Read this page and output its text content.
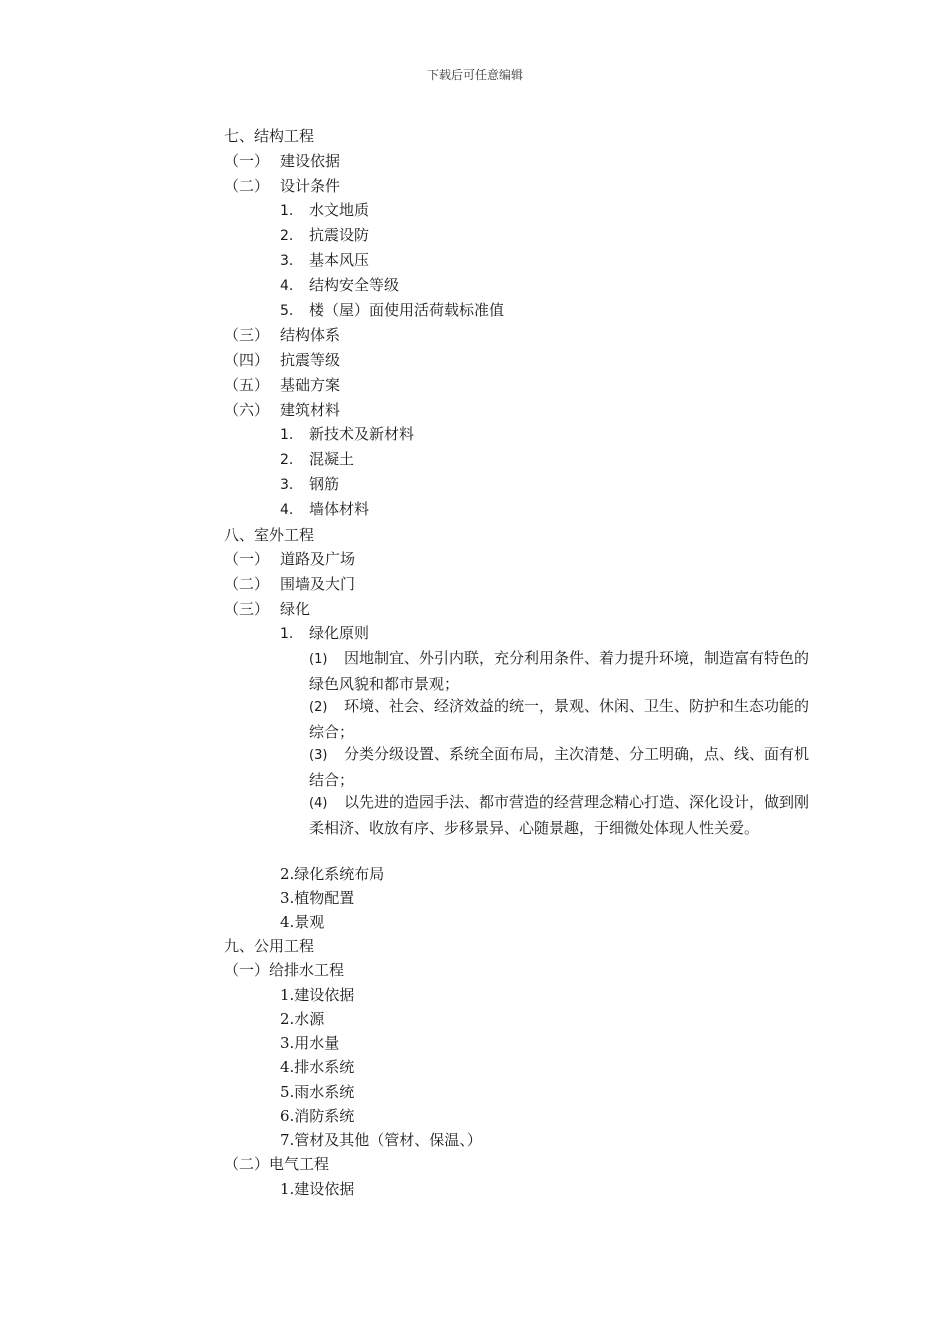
下载后可任意编辑
七、结构工程
（一） 建设依据
（二） 设计条件
1. 水文地质
2. 抗震设防
3. 基本风压
4. 结构安全等级
5. 楼（屋）面使用活荷载标准值
（三） 结构体系
（四） 抗震等级
（五） 基础方案
（六） 建筑材料
1. 新技术及新材料
2. 混凝土
3. 钢筋
4. 墙体材料
八、室外工程
（一） 道路及广场
（二） 围墙及大门
（三） 绿化
1. 绿化原则
(1) 因地制宜、外引内联，充分利用条件、着力提升环境，制造富有特色的绿色风貌和都市景观；
(2) 环境、社会、经济效益的统一，景观、休闲、卫生、防护和生态功能的综合；
(3) 分类分级设置、系统全面布局，主次清楚、分工明确，点、线、面有机结合；
(4) 以先进的造园手法、都市营造的经营理念精心打造、深化设计，做到刚柔相济、收放有序、步移景异、心随景趣，于细微处体现人性关爱。
2.绿化系统布局
3.植物配置
4.景观
九、公用工程
（一）给排水工程
1.建设依据
2.水源
3.用水量
4.排水系统
5.雨水系统
6.消防系统
7.管材及其他（管材、保温、）
（二）电气工程
1.建设依据
